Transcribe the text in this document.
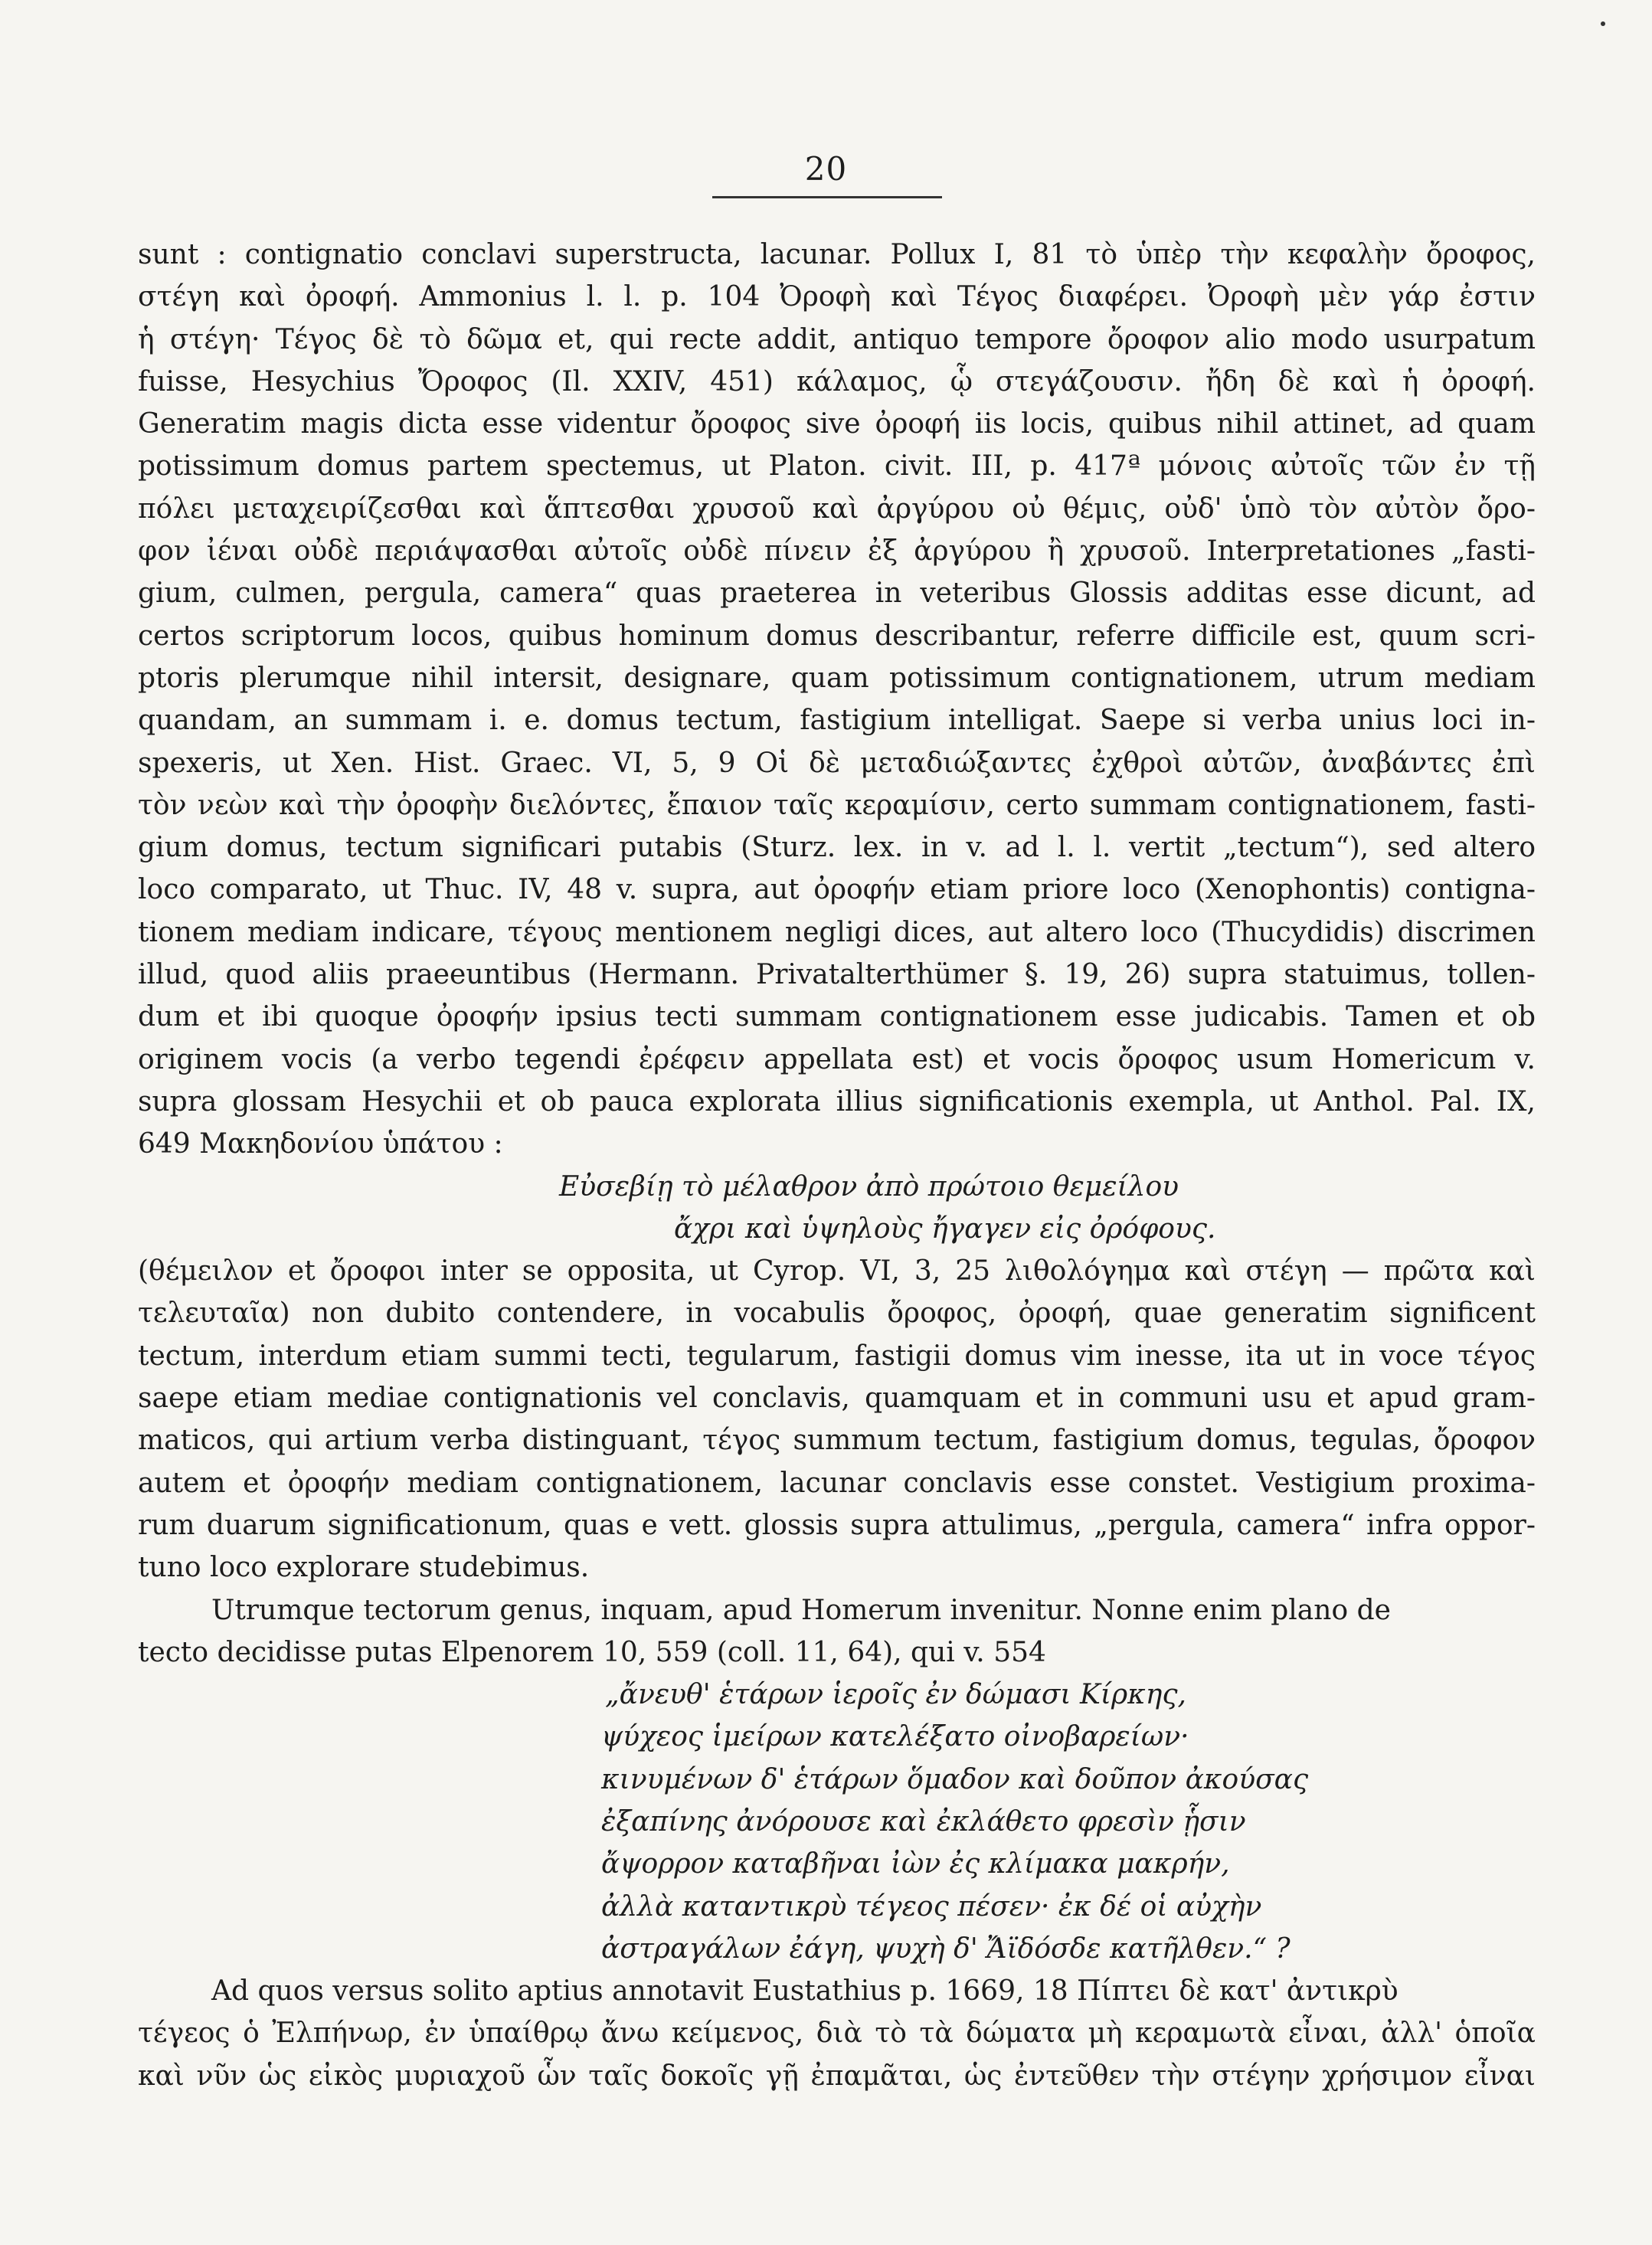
20
sunt : contignatio conclavi superstructa, lacunar. Pollux I, 81 τὸ ὑπὲρ τὴν κεφαλὴν ὄροφος,
στέγη καὶ ὀροφή. Ammonius l. l. p. 104 Ὀροφὴ καὶ Τέγος διαφέρει. Ὀροφὴ μὲν γάρ ἐστιν
ἡ στέγη· Τέγος δὲ τὸ δῶμα et, qui recte addit, antiquo tempore ὄροφον alio modo usurpatum
fuisse, Hesychius Ὄροφος (Il. XXIV, 451) κάλαμος, ᾧ στεγάζουσιν. ἤδη δὲ καὶ ἡ ὀροφή.
Generatim magis dicta esse videntur ὄροφος sive ὀροφή iis locis, quibus nihil attinet, ad quam
potissimum domus partem spectemus, ut Platon. civit. III, p. 417ª μόνοις αὐτοῖς τῶν ἐν τῇ
πόλει μεταχειρίζεσθαι καὶ ἅπτεσθαι χρυσοῦ καὶ ἀργύρου οὐ θέμις, οὐδ' ὑπὸ τὸν αὐτὸν ὄρο-
φον ἰέναι οὐδὲ περιάψασθαι αὐτοῖς οὐδὲ πίνειν ἐξ ἀργύρου ἢ χρυσοῦ. Interpretationes „fasti-
gium, culmen, pergula, camera“ quas praeterea in veteribus Glossis additas esse dicunt, ad
certos scriptorum locos, quibus hominum domus describantur, referre difficile est, quum scri-
ptoris plerumque nihil intersit, designare, quam potissimum contignationem, utrum mediam
quandam, an summam i. e. domus tectum, fastigium intelligat. Saepe si verba unius loci in-
spexeris, ut Xen. Hist. Graec. VI, 5, 9 Οἱ δὲ μεταδιώξαντες ἐχθροὶ αὐτῶν, ἀναβάντες ἐπὶ
τὸν νεὼν καὶ τὴν ὀροφὴν διελόντες, ἔπαιον ταῖς κεραμίσιν, certo summam contignationem, fasti-
gium domus, tectum significari putabis (Sturz. lex. in v. ad l. l. vertit „tectum“), sed altero
loco comparato, ut Thuc. IV, 48 v. supra, aut ὀροφήν etiam priore loco (Xenophontis) contigna-
tionem mediam indicare, τέγους mentionem negligi dices, aut altero loco (Thucydidis) discrimen
illud, quod aliis praeeuntibus (Hermann. Privatalterthümer §. 19, 26) supra statuimus, tollen-
dum et ibi quoque ὀροφήν ipsius tecti summam contignationem esse judicabis. Tamen et ob
originem vocis (a verbo tegendi ἐρέφειν appellata est) et vocis ὄροφος usum Homericum v.
supra glossam Hesychii et ob pauca explorata illius significationis exempla, ut Anthol. Pal. IX,
649 Μακηδονίου ὑπάτου :
Εὐσεβίῃ τὸ μέλαθρον ἀπὸ πρώτοιο θεμείλου
ἄχρι καὶ ὑψηλοὺς ἤγαγεν εἰς ὀρόφους.
(θέμειλον et ὄροφοι inter se opposita, ut Cyrop. VI, 3, 25 λιθολόγημα καὶ στέγη — πρῶτα καὶ
τελευταῖα) non dubito contendere, in vocabulis ὄροφος, ὀροφή, quae generatim significent
tectum, interdum etiam summi tecti, tegularum, fastigii domus vim inesse, ita ut in voce τέγος
saepe etiam mediae contignationis vel conclavis, quamquam et in communi usu et apud gram-
maticos, qui artium verba distinguant, τέγος summum tectum, fastigium domus, tegulas, ὄροφον
autem et ὀροφήν mediam contignationem, lacunar conclavis esse constet. Vestigium proxima-
rum duarum significationum, quas e vett. glossis supra attulimus, „pergula, camera“ infra oppor-
tuno loco explorare studebimus.
Utrumque tectorum genus, inquam, apud Homerum invenitur. Nonne enim plano de
tecto decidisse putas Elpenorem 10, 559 (coll. 11, 64), qui v. 554
„ἄνευθ' ἑτάρων ἱεροῖς ἐν δώμασι Κίρκης,
ψύχεος ἱμείρων κατελέξατο οἰνοβαρείων·
κινυμένων δ' ἑτάρων ὅμαδον καὶ δοῦπον ἀκούσας
ἐξαπίνης ἀνόρουσε καὶ ἐκλάθετο φρεσὶν ᾗσιν
ἄψορρον καταβῆναι ἰὼν ἐς κλίμακα μακρήν,
ἀλλὰ καταντικρὺ τέγεος πέσεν· ἐκ δέ οἱ αὐχὴν
ἀστραγάλων ἐάγη, ψυχὴ δ' Ἄϊδόσδε κατῆλθεν.“ ?
Ad quos versus solito aptius annotavit Eustathius p. 1669, 18 Πίπτει δὲ κατ' ἀντικρὺ
τέγεος ὁ Ἐλπήνωρ, ἐν ὑπαίθρῳ ἄνω κείμενος, διὰ τὸ τὰ δώματα μὴ κεραμωτὰ εἶναι, ἀλλ' ὁποῖα
καὶ νῦν ὡς εἰκὸς μυριαχοῦ ὧν ταῖς δοκοῖς γῇ ἐπαμᾶται, ὡς ἐντεῦθεν τὴν στέγην χρήσιμον εἶναι
